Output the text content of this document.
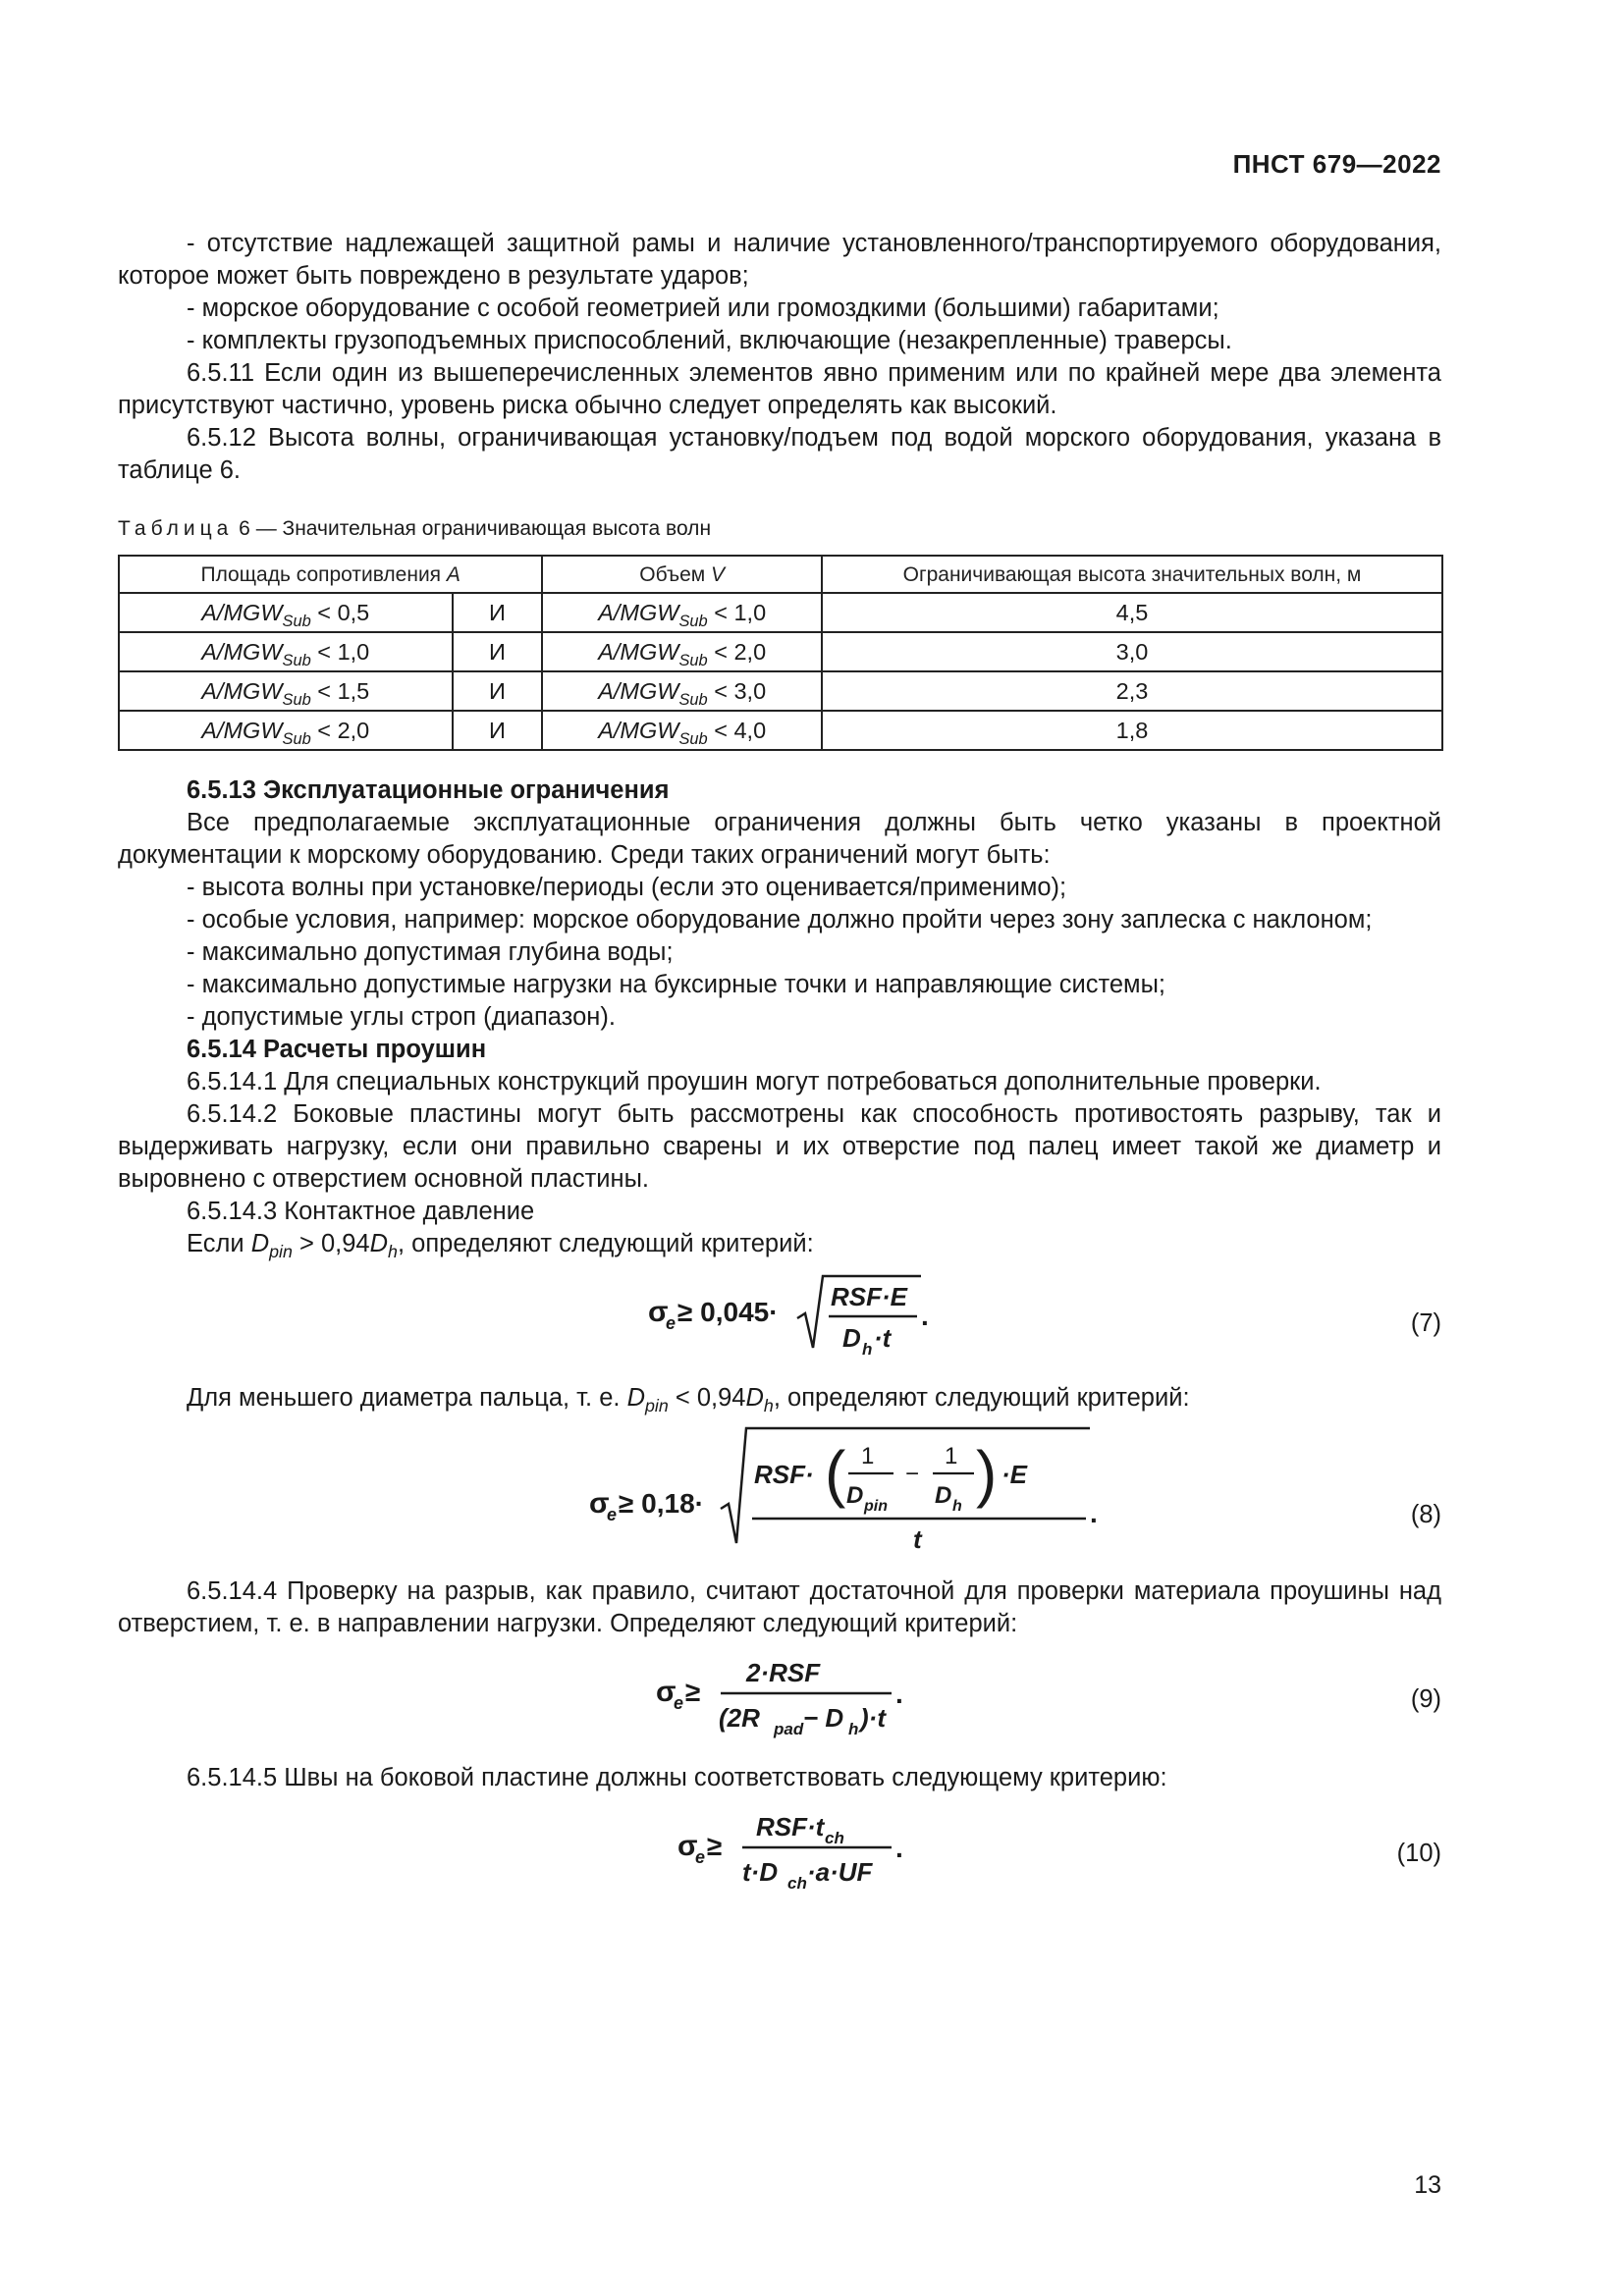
ПНСТ 679—2022

- отсутствие надлежащей защитной рамы и наличие установленного/транспортируемого оборудования, которое может быть повреждено в результате ударов;

- морское оборудование с особой геометрией или громоздкими (большими) габаритами;

- комплекты грузоподъемных приспособлений, включающие (незакрепленные) траверсы.

6.5.11 Если один из вышеперечисленных элементов явно применим или по крайней мере два элемента присутствуют частично, уровень риска обычно следует определять как высокий.

6.5.12 Высота волны, ограничивающая установку/подъем под водой морского оборудования, указана в таблице 6.

Таблица 6 — Значительная ограничивающая высота волн
Площадь сопротивления A		Объем V	Ограничивающая высота значительных волн, м
$A/MGW_{Sub} < 0,5$	И	$A/MGW_{Sub} < 1,0$	4,5
$A/MGW_{Sub} < 1,0$	И	$A/MGW_{Sub} < 2,0$	3,0
$A/MGW_{Sub} < 1,5$	И	$A/MGW_{Sub} < 3,0$	2,3
$A/MGW_{Sub} < 2,0$	И	$A/MGW_{Sub} < 4,0$	1,8

6.5.13 Эксплуатационные ограничения

Все предполагаемые эксплуатационные ограничения должны быть четко указаны в проектной документации к морскому оборудованию. Среди таких ограничений могут быть:

- высота волны при установке/периоды (если это оценивается/применимо);

- особые условия, например: морское оборудование должно пройти через зону заплеска с наклоном;

- максимально допустимая глубина воды;

- максимально допустимые нагрузки на буксирные точки и направляющие системы;

- допустимые углы строп (диапазон).

6.5.14 Расчеты проушин

6.5.14.1 Для специальных конструкций проушин могут потребоваться дополнительные проверки.

6.5.14.2 Боковые пластины могут быть рассмотрены как способность противостоять разрыву, так и выдерживать нагрузку, если они правильно сварены и их отверстие под палец имеет такой же диаметр и выровнено с отверстием основной пластины.

6.5.14.3 Контактное давление

Если $D_{pin} > 0,94D_h$, определяют следующий критерий:

σ
e ≥ 0,045· RSF·E
D h ·t
.	(7)

Для меньшего диаметра пальца, т. е. $D_{pin} < 0,94D_h$, определяют следующий критерий:

σ
e ≥ 0,18·
RSF· ( 1
D pin
−
1
D h ) ·E
t
.	(8)

6.5.14.4 Проверку на разрыв, как правило, считают достаточной для проверки материала проушины над отверстием, т. е. в направлении нагрузки. Определяют следующий критерий:

σ
e ≥
2·RSF
(2R pad − D h )·t
.	(9)

6.5.14.5 Швы на боковой пластине должны соответствовать следующему критерию:

σ
e ≥
RSF·t ch
t·D ch ·a·UF
.	(10)
13
